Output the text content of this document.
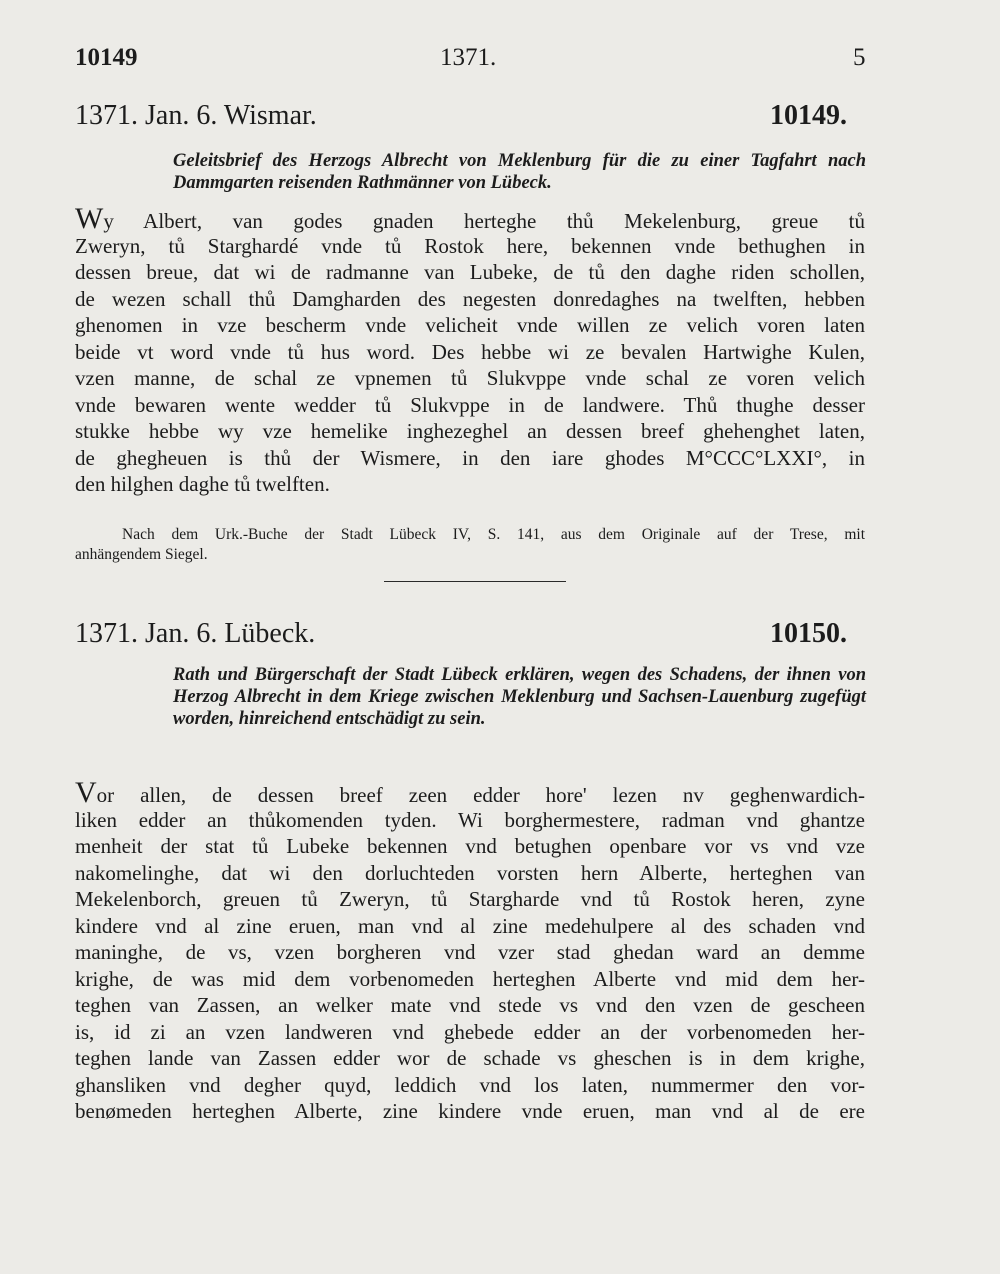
10149	1371.	5
1371. Jan. 6. Wismar.	10149.
Geleitsbrief des Herzogs Albrecht von Meklenburg für die zu einer Tagfahrt nach Dammgarten reisenden Rathmänner von Lübeck.
Wy Albert, van godes gnaden herteghe thů Mekelenburg, greue tů
Zweryn, tů Starghardé vnde tů Rostok here, bekennen vnde bethughen in
dessen breue, dat wi de radmanne van Lubeke, de tů den daghe riden schollen,
de wezen schall thů Damgharden des negesten donredaghes na twelften, hebben
ghenomen in vze bescherm vnde velicheit vnde willen ze velich voren laten
beide vt word vnde tů hus word. Des hebbe wi ze bevalen Hartwighe Kulen,
vzen manne, de schal ze vpnemen tů Slukvppe vnde schal ze voren velich
vnde bewaren wente wedder tů Slukvppe in de landwere. Thů thughe desser
stukke hebbe wy vze hemelike inghezeghel an dessen breef ghehenghet laten,
de ghegheuen is thů der Wismere, in den iare ghodes M°CCC°LXXI°, in
den hilghen daghe tů twelften.
Nach dem Urk.-Buche der Stadt Lübeck IV, S. 141, aus dem Originale auf der Trese, mit
anhängendem Siegel.
1371. Jan. 6. Lübeck.	10150.
Rath und Bürgerschaft der Stadt Lübeck erklären, wegen des Schadens, der ihnen von Herzog Albrecht in dem Kriege zwischen Meklenburg und Sachsen-Lauenburg zugefügt worden, hinreichend entschädigt zu sein.
Vor allen, de dessen breef zeen edder hore' lezen nv geghenwardich-
liken edder an thůkomenden tyden. Wi borghermestere, radman vnd ghantze
menheit der stat tů Lubeke bekennen vnd betughen openbare vor vs vnd vze
nakomelinghe, dat wi den dorluchteden vorsten hern Alberte, herteghen van
Mekelenborch, greuen tů Zweryn, tů Stargharde vnd tů Rostok heren, zyne
kindere vnd al zine eruen, man vnd al zine medehulpere al des schaden vnd
maninghe, de vs, vzen borgheren vnd vzer stad ghedan ward an demme
krighe, de was mid dem vorbenomeden herteghen Alberte vnd mid dem her-
teghen van Zassen, an welker mate vnd stede vs vnd den vzen de gescheen
is, id zi an vzen landweren vnd ghebede edder an der vorbenomeden her-
teghen lande van Zassen edder wor de schade vs gheschen is in dem krighe,
ghansliken vnd degher quyd, leddich vnd los laten, nummermer den vor-
benømeden herteghen Alberte, zine kindere vnde eruen, man vnd al de ere
